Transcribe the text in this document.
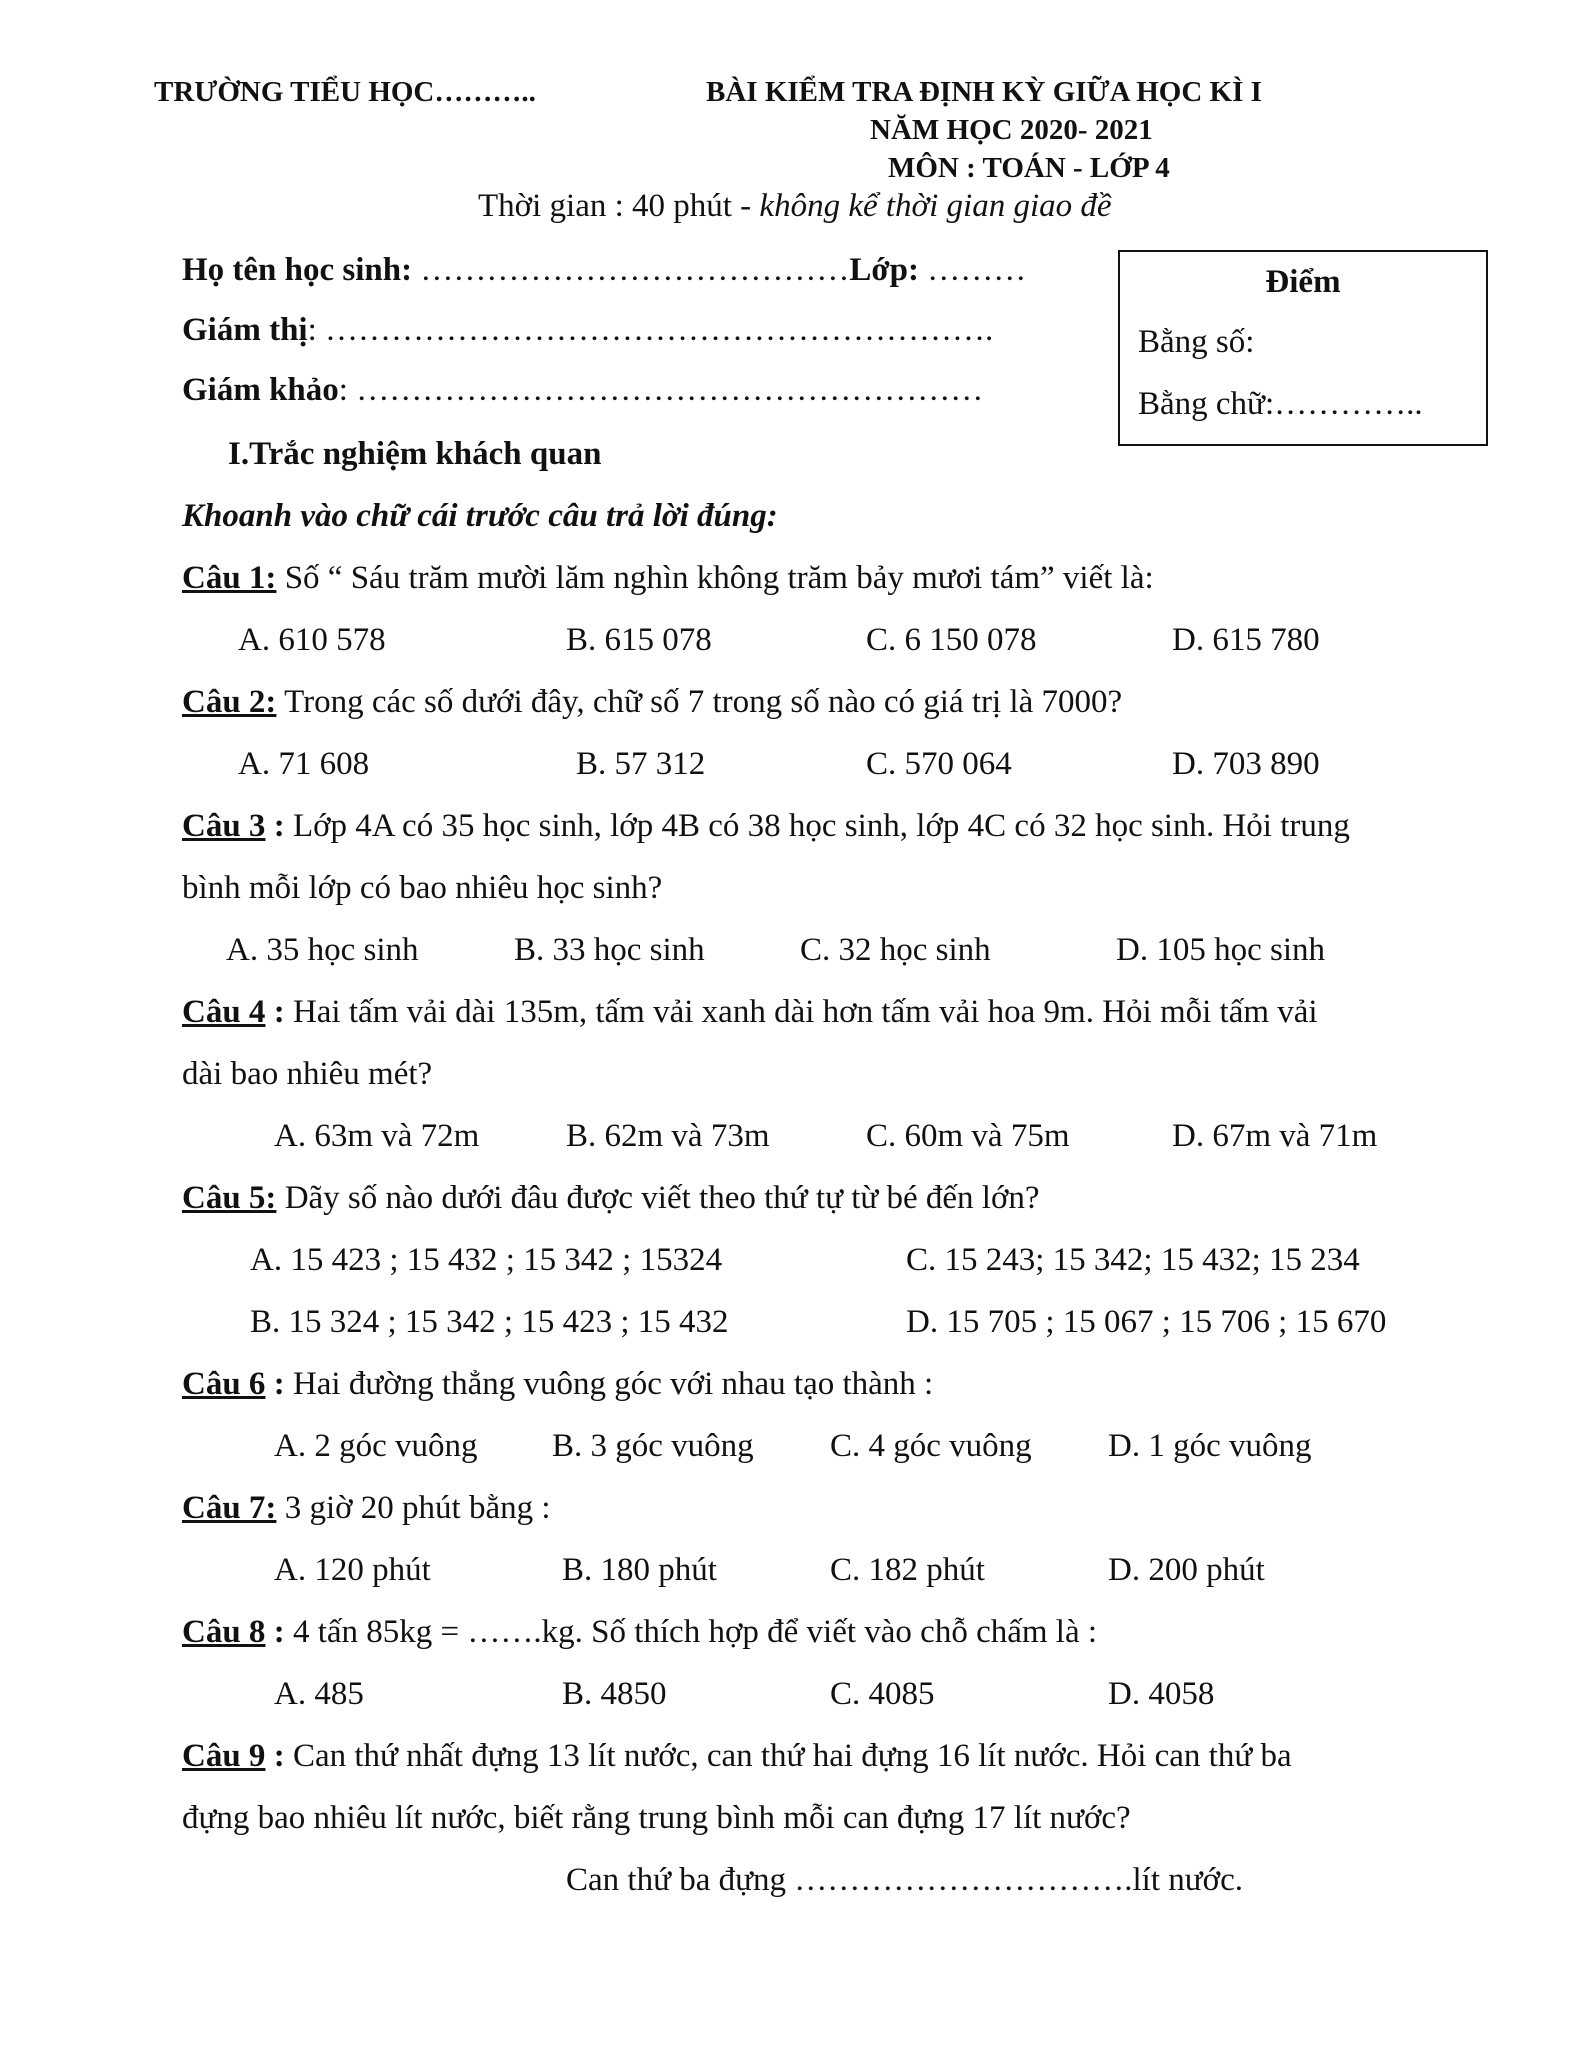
TRƯỜNG TIỂU HỌC………..	BÀI KIỂM TRA ĐỊNH KỲ GIỮA HỌC KÌ I
NĂM HỌC 2020- 2021
MÔN : TOÁN - LỚP 4
Thời gian : 40 phút - không kể thời gian giao đề
Họ tên học sinh: …………………………………Lớp: ………
Giám thị: …………………………………………………….
Giám khảo: …………………………………………………
Điểm
Bằng số:
Bằng chữ:…………..
I.Trắc nghiệm khách quan
Khoanh vào chữ cái trước câu trả lời đúng:
Câu 1: Số “ Sáu trăm mười lăm nghìn không trăm bảy mươi tám” viết là:
A. 610 578	B. 615 078	C. 6 150 078	D. 615 780
Câu 2: Trong các số dưới đây, chữ số 7 trong số nào có giá trị là 7000?
A. 71 608	B. 57 312	C. 570 064	D. 703 890
Câu 3 : Lớp 4A có 35 học sinh, lớp 4B có 38 học sinh, lớp 4C có 32 học sinh. Hỏi trung
bình mỗi lớp có bao nhiêu học sinh?
A. 35 học sinh	B. 33 học sinh	C. 32 học sinh	D. 105 học sinh
Câu 4 : Hai tấm vải dài 135m, tấm vải xanh dài hơn tấm vải hoa 9m. Hỏi mỗi tấm vải
dài bao nhiêu mét?
A. 63m và 72m	B. 62m và 73m	C. 60m và 75m	D. 67m và 71m
Câu 5: Dãy số nào dưới đâu được viết theo thứ tự từ bé đến lớn?
A. 15 423 ; 15 432 ; 15 342 ; 15324	C. 15 243; 15 342; 15 432; 15 234
B. 15 324 ; 15 342 ; 15 423 ; 15 432	D. 15 705 ; 15 067 ; 15 706 ; 15 670
Câu 6 : Hai đường thẳng vuông góc với nhau tạo thành :
A. 2 góc vuông B. 3 góc vuông C. 4 góc vuông D. 1 góc vuông
Câu 7: 3 giờ 20 phút bằng :
A. 120 phút	B. 180 phút	C. 182 phút	D. 200 phút
Câu 8 : 4 tấn 85kg = …….kg. Số thích hợp để viết vào chỗ chấm là :
A. 485	B. 4850	C. 4085	D. 4058
Câu 9 : Can thứ nhất đựng 13 lít nước, can thứ hai đựng 16 lít nước. Hỏi can thứ ba
đựng bao nhiêu lít nước, biết rằng trung bình mỗi can đựng 17 lít nước?
Can thứ ba đựng ………………………….lít nước.
